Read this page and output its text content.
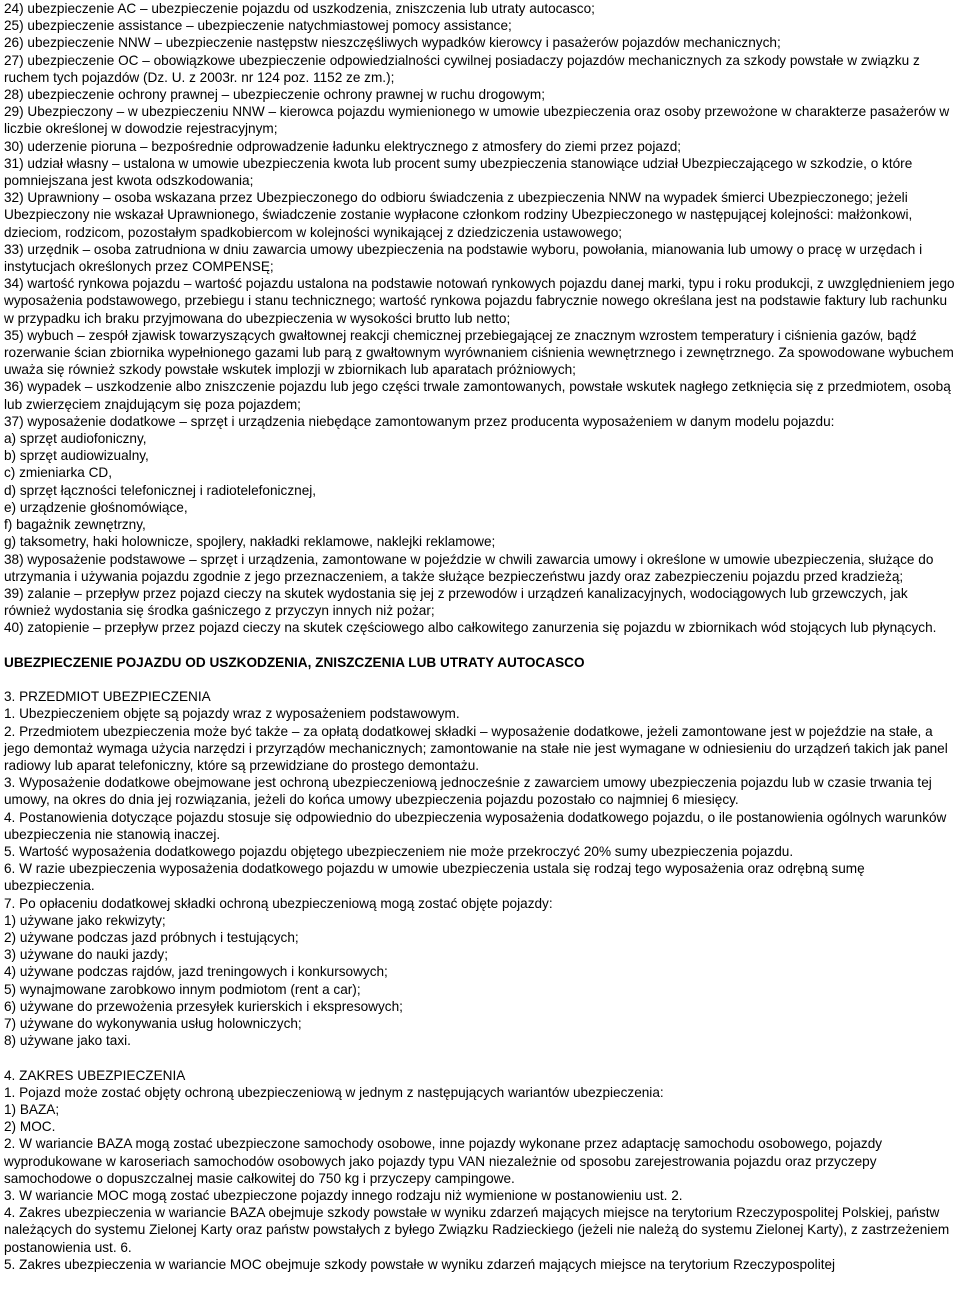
24) ubezpieczenie AC – ubezpieczenie pojazdu od uszkodzenia, zniszczenia lub utraty autocasco;

25) ubezpieczenie assistance – ubezpieczenie natychmiastowej pomocy assistance;

26) ubezpieczenie NNW – ubezpieczenie następstw nieszczęśliwych wypadków kierowcy i pasażerów pojazdów mechanicznych;

27) ubezpieczenie OC – obowiązkowe ubezpieczenie odpowiedzialności cywilnej posiadaczy pojazdów mechanicznych za szkody powstałe w związku z ruchem tych pojazdów (Dz. U. z 2003r. nr 124 poz. 1152 ze zm.);

28) ubezpieczenie ochrony prawnej – ubezpieczenie ochrony prawnej w ruchu drogowym;

29) Ubezpieczony – w ubezpieczeniu NNW – kierowca pojazdu wymienionego w umowie ubezpieczenia oraz osoby przewożone w charakterze pasażerów w liczbie określonej w dowodzie rejestracyjnym;

30) uderzenie pioruna – bezpośrednie odprowadzenie ładunku elektrycznego z atmosfery do ziemi przez pojazd;

31) udział własny – ustalona w umowie ubezpieczenia kwota lub procent sumy ubezpieczenia stanowiące udział Ubezpieczającego w szkodzie, o które pomniejszana jest kwota odszkodowania;

32) Uprawniony – osoba wskazana przez Ubezpieczonego do odbioru świadczenia z ubezpieczenia NNW na wypadek śmierci Ubezpieczonego; jeżeli Ubezpieczony nie wskazał Uprawnionego, świadczenie zostanie wypłacone członkom rodziny Ubezpieczonego w następującej kolejności: małżonkowi, dzieciom, rodzicom, pozostałym spadkobiercom w kolejności wynikającej z dziedziczenia ustawowego;

33) urzędnik – osoba zatrudniona w dniu zawarcia umowy ubezpieczenia na podstawie wyboru, powołania, mianowania lub umowy o pracę w urzędach i instytucjach określonych przez COMPENSĘ;

34) wartość rynkowa pojazdu – wartość pojazdu ustalona na podstawie notowań rynkowych pojazdu danej marki, typu i roku produkcji, z uwzględnieniem jego wyposażenia podstawowego, przebiegu i stanu technicznego; wartość rynkowa pojazdu fabrycznie nowego określana jest na podstawie faktury lub rachunku w przypadku ich braku przyjmowana do ubezpieczenia w wysokości brutto lub netto;

35) wybuch – zespół zjawisk towarzyszących gwałtownej reakcji chemicznej przebiegającej ze znacznym wzrostem temperatury i ciśnienia gazów, bądź rozerwanie ścian zbiornika wypełnionego gazami lub parą z gwałtownym wyrównaniem ciśnienia wewnętrznego i zewnętrznego. Za spowodowane wybuchem uważa się również szkody powstałe wskutek implozji w zbiornikach lub aparatach próżniowych;

36) wypadek – uszkodzenie albo zniszczenie pojazdu lub jego części trwale zamontowanych, powstałe wskutek nagłego zetknięcia się z przedmiotem, osobą lub zwierzęciem znajdującym się poza pojazdem;

37) wyposażenie dodatkowe – sprzęt i urządzenia niebędące zamontowanym przez producenta wyposażeniem w danym modelu pojazdu:

a) sprzęt audiofoniczny,

b) sprzęt audiowizualny,

c) zmieniarka CD,

d) sprzęt łączności telefonicznej i radiotelefonicznej,

e) urządzenie głośnomówiące,

f) bagażnik zewnętrzny,

g) taksometry, haki holownicze, spojlery, nakładki reklamowe, naklejki reklamowe;

38) wyposażenie podstawowe – sprzęt i urządzenia, zamontowane w pojeździe w chwili zawarcia umowy i określone w umowie ubezpieczenia, służące do utrzymania i używania pojazdu zgodnie z jego przeznaczeniem, a także służące bezpieczeństwu jazdy oraz zabezpieczeniu pojazdu przed kradzieżą;

39) zalanie – przepływ przez pojazd cieczy na skutek wydostania się jej z przewodów i urządzeń kanalizacyjnych, wodociągowych lub grzewczych, jak również wydostania się środka gaśniczego z przyczyn innych niż pożar;

40) zatopienie – przepływ przez pojazd cieczy na skutek częściowego albo całkowitego zanurzenia się pojazdu w zbiornikach wód stojących lub płynących.

UBEZPIECZENIE POJAZDU OD USZKODZENIA, ZNISZCZENIA LUB UTRATY AUTOCASCO

3. PRZEDMIOT UBEZPIECZENIA

1. Ubezpieczeniem objęte są pojazdy wraz z wyposażeniem podstawowym.

2. Przedmiotem ubezpieczenia może być także – za opłatą dodatkowej składki – wyposażenie dodatkowe, jeżeli zamontowane jest w pojeździe na stałe, a jego demontaż wymaga użycia narzędzi i przyrządów mechanicznych; zamontowanie na stałe nie jest wymagane w odniesieniu do urządzeń takich jak panel radiowy lub aparat telefoniczny, które są przewidziane do prostego demontażu.

3. Wyposażenie dodatkowe obejmowane jest ochroną ubezpieczeniową jednocześnie z zawarciem umowy ubezpieczenia pojazdu lub w czasie trwania tej umowy, na okres do dnia jej rozwiązania, jeżeli do końca umowy ubezpieczenia pojazdu pozostało co najmniej 6 miesięcy.

4. Postanowienia dotyczące pojazdu stosuje się odpowiednio do ubezpieczenia wyposażenia dodatkowego pojazdu, o ile postanowienia ogólnych warunków ubezpieczenia nie stanowią inaczej.

5. Wartość wyposażenia dodatkowego pojazdu objętego ubezpieczeniem nie może przekroczyć 20% sumy ubezpieczenia pojazdu.

6. W razie ubezpieczenia wyposażenia dodatkowego pojazdu w umowie ubezpieczenia ustala się rodzaj tego wyposażenia oraz odrębną sumę ubezpieczenia.

7. Po opłaceniu dodatkowej składki ochroną ubezpieczeniową mogą zostać objęte pojazdy:

1) używane jako rekwizyty;

2) używane podczas jazd próbnych i testujących;

3) używane do nauki jazdy;

4) używane podczas rajdów, jazd treningowych i konkursowych;

5) wynajmowane zarobkowo innym podmiotom (rent a car);

6) używane do przewożenia przesyłek kurierskich i ekspresowych;

7) używane do wykonywania usług holowniczych;

8) używane jako taxi.

4. ZAKRES UBEZPIECZENIA

1. Pojazd może zostać objęty ochroną ubezpieczeniową w jednym z następujących wariantów ubezpieczenia:

1) BAZA;

2) MOC.

2. W wariancie BAZA mogą zostać ubezpieczone samochody osobowe, inne pojazdy wykonane przez adaptację samochodu osobowego, pojazdy wyprodukowane w karoseriach samochodów osobowych jako pojazdy typu VAN niezależnie od sposobu zarejestrowania pojazdu oraz przyczepy samochodowe o dopuszczalnej masie całkowitej do 750 kg i przyczepy campingowe.

3. W wariancie MOC mogą zostać ubezpieczone pojazdy innego rodzaju niż wymienione w postanowieniu ust. 2.

4. Zakres ubezpieczenia w wariancie BAZA obejmuje szkody powstałe w wyniku zdarzeń mających miejsce na terytorium Rzeczypospolitej Polskiej, państw należących do systemu Zielonej Karty oraz państw powstałych z byłego Związku Radzieckiego (jeżeli nie należą do systemu Zielonej Karty), z zastrzeżeniem postanowienia ust. 6.

5. Zakres ubezpieczenia w wariancie MOC obejmuje szkody powstałe w wyniku zdarzeń mających miejsce na terytorium Rzeczypospolitej
